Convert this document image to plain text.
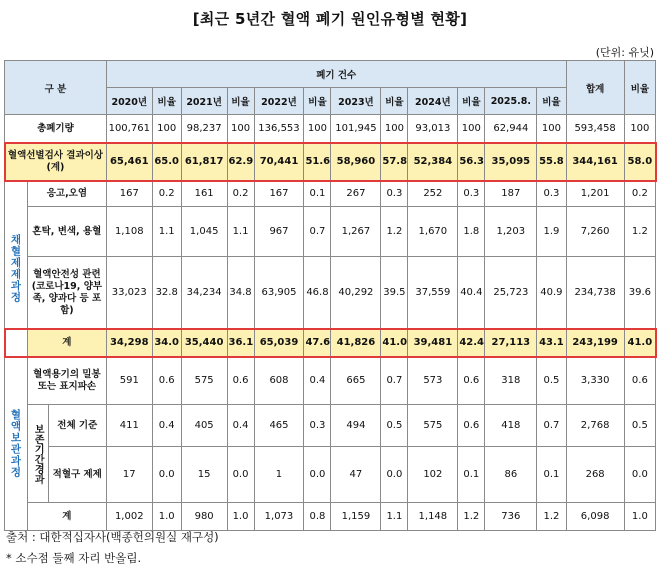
[최근 5년간 혈액 폐기 원인유형별 현황]
(단위: 유닛)
구 분			폐기 건수												합계	비율
			2020년	비율	2021년	비율	2022년	비율	2023년	비율	2024년	비율	2025.8.	비율		
총폐기량			100,761	100	98,237	100	136,553	100	101,945	100	93,013	100	62,944	100	593,458	100
혈액선별검사 결과이상(계)			65,461	65.0	61,817	62.9	70,441	51.6	58,960	57.8	52,384	56.3	35,095	55.8	344,161	58.0
채혈제제과정	응고,오염		167	0.2	161	0.2	167	0.1	267	0.3	252	0.3	187	0.3	1,201	0.2
	혼탁, 변색, 용혈		1,108	1.1	1,045	1.1	967	0.7	1,267	1.2	1,670	1.8	1,203	1.9	7,260	1.2
	혈액안전성 관련 (코로나19, 양부족, 양과다 등 포함)		33,023	32.8	34,234	34.8	63,905	46.8	40,292	39.5	37,559	40.4	25,723	40.9	234,738	39.6
	계		34,298	34.0	35,440	36.1	65,039	47.6	41,826	41.0	39,481	42.4	27,113	43.1	243,199	41.0
혈액보관과정	혈액용기의 밀봉 또는 표지파손		591	0.6	575	0.6	608	0.4	665	0.7	573	0.6	318	0.5	3,330	0.6
	보존기간경과	전체 기준	411	0.4	405	0.4	465	0.3	494	0.5	575	0.6	418	0.7	2,768	0.5
		적혈구 제제	17	0.0	15	0.0	1	0.0	47	0.0	102	0.1	86	0.1	268	0.0
	계		1,002	1.0	980	1.0	1,073	0.8	1,159	1.1	1,148	1.2	736	1.2	6,098	1.0
출처 : 대한적십자사(백종헌의원실 재구성)
* 소수점 둘째 자리 반올림.
